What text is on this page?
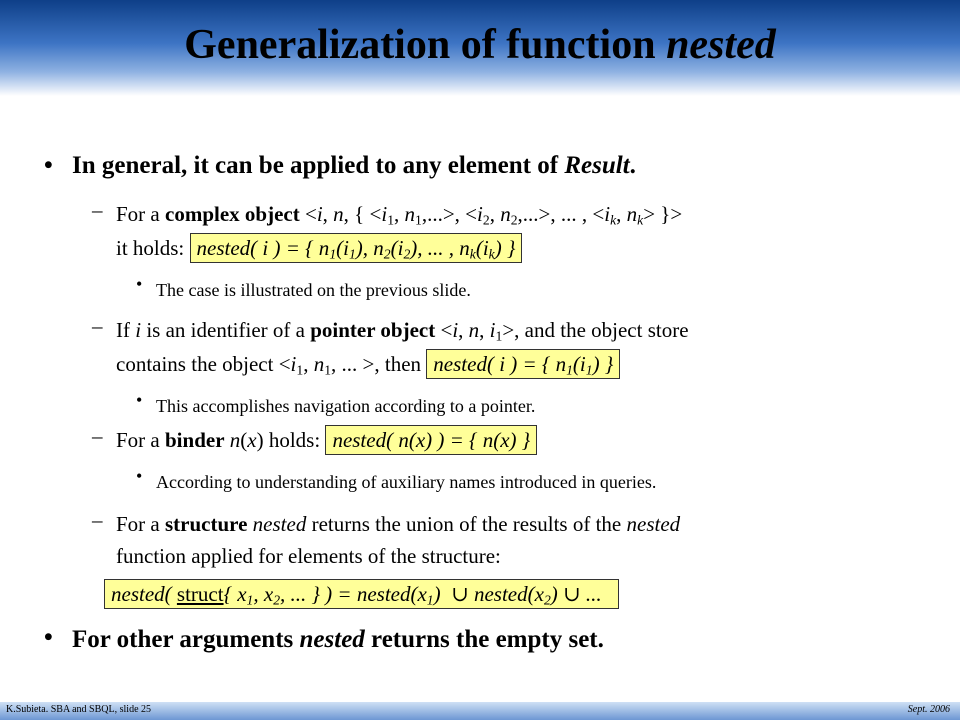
Generalization of function nested
• In general, it can be applied to any element of Result.
– For a complex object <i, n, { $<i_1$, $n_1,...>$, $<i_2$, $n_2,...>$, ... , $<i_k$, $n_k>$ }>
it holds: nested( i ) = { $n_1(i_1)$, $n_2(i_2)$, ... , $n_k(i_k)$ }
• The case is illustrated on the previous slide.
– If i is an identifier of a pointer object <i, n, $i_1>$, and the object store
contains the object $<i_1$, $n_1$, ... >, then nested( i ) = { $n_1(i_1)$ }
• This accomplishes navigation according to a pointer.
– For a binder n(x) holds: nested( n(x) ) = { n(x) }
• According to understanding of auxiliary names introduced in queries.
– For a structure nested returns the union of the results of the nested
function applied for elements of the structure:
nested( struct{ $x_1$, $x_2$, ... } ) = $nested(x_1)$  ∪ $nested(x_2)$ ∪ ...
• For other arguments nested returns the empty set.
K.Subieta. SBA and SBQL, slide 25	Sept. 2006
